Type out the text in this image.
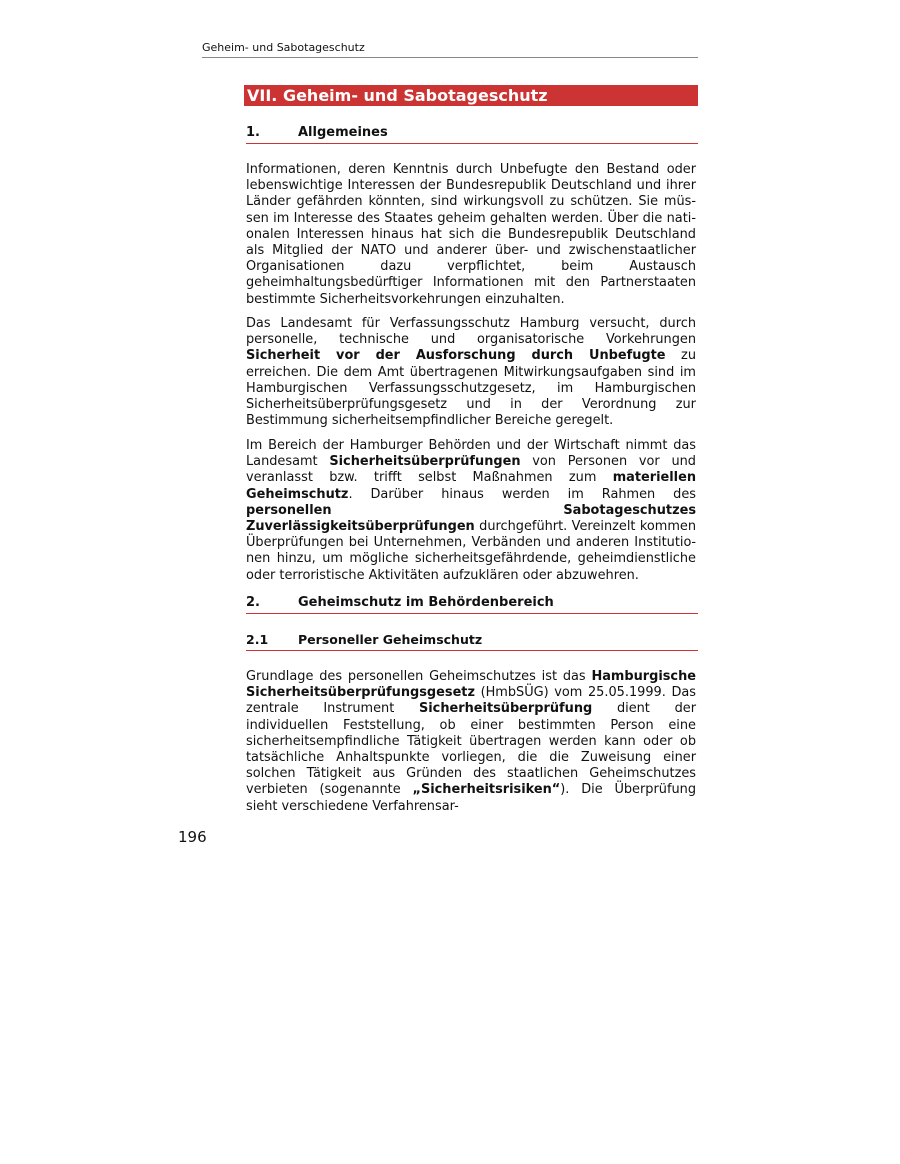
Geheim- und Sabotageschutz
VII. Geheim- und Sabotageschutz
1.	Allgemeines

Informationen, deren Kenntnis durch Unbefugte den Bestand oder lebenswichtige Interessen der Bundesrepublik Deutschland und ihrer Länder gefährden könnten, sind wirkungsvoll zu schützen. Sie müssen im Interesse des Staates geheim gehalten werden. Über die nationalen Interessen hinaus hat sich die Bundesrepublik Deutschland als Mitglied der NATO und anderer über- und zwischenstaatlicher Organisationen dazu verpflichtet, beim Austausch geheimhaltungsbedürftiger Informationen mit den Partnerstaaten bestimmte Sicherheitsvorkehrungen einzuhalten.

Das Landesamt für Verfassungsschutz Hamburg versucht, durch personelle, technische und organisatorische Vorkehrungen Sicherheit vor der Ausforschung durch Unbefugte zu erreichen. Die dem Amt übertragenen Mitwirkungsaufgaben sind im Hamburgischen Verfassungsschutzgesetz, im Hamburgischen Sicherheitsüberprüfungsgesetz und in der Verordnung zur Bestimmung sicherheitsempfindlicher Bereiche geregelt.

Im Bereich der Hamburger Behörden und der Wirtschaft nimmt das Landesamt Sicherheitsüberprüfungen von Personen vor und veranlasst bzw. trifft selbst Maßnahmen zum materiellen Geheimschutz. Darüber hinaus werden im Rahmen des personellen Sabotageschutzes Zuverlässigkeitsüberprüfungen durchgeführt. Vereinzelt kommen Überprüfungen bei Unternehmen, Verbänden und anderen Institutionen hinzu, um mögliche sicherheitsgefährdende, geheimdienstliche oder terroristische Aktivitäten aufzuklären oder abzuwehren.

2.	Geheimschutz im Behördenbereich
2.1 Personeller Geheimschutz

Grundlage des personellen Geheimschutzes ist das Hamburgische Sicherheitsüberprüfungsgesetz (HmbSÜG) vom 25.05.1999. Das zentrale Instrument Sicherheitsüberprüfung dient der individuellen Feststellung, ob einer bestimmten Person eine sicherheitsempfindliche Tätigkeit übertragen werden kann oder ob tatsächliche Anhaltspunkte vorliegen, die die Zuweisung einer solchen Tätigkeit aus Gründen des staatlichen Geheimschutzes verbieten (sogenannte „Sicherheitsrisiken“). Die Überprüfung sieht verschiedene Verfahrensar-

196
